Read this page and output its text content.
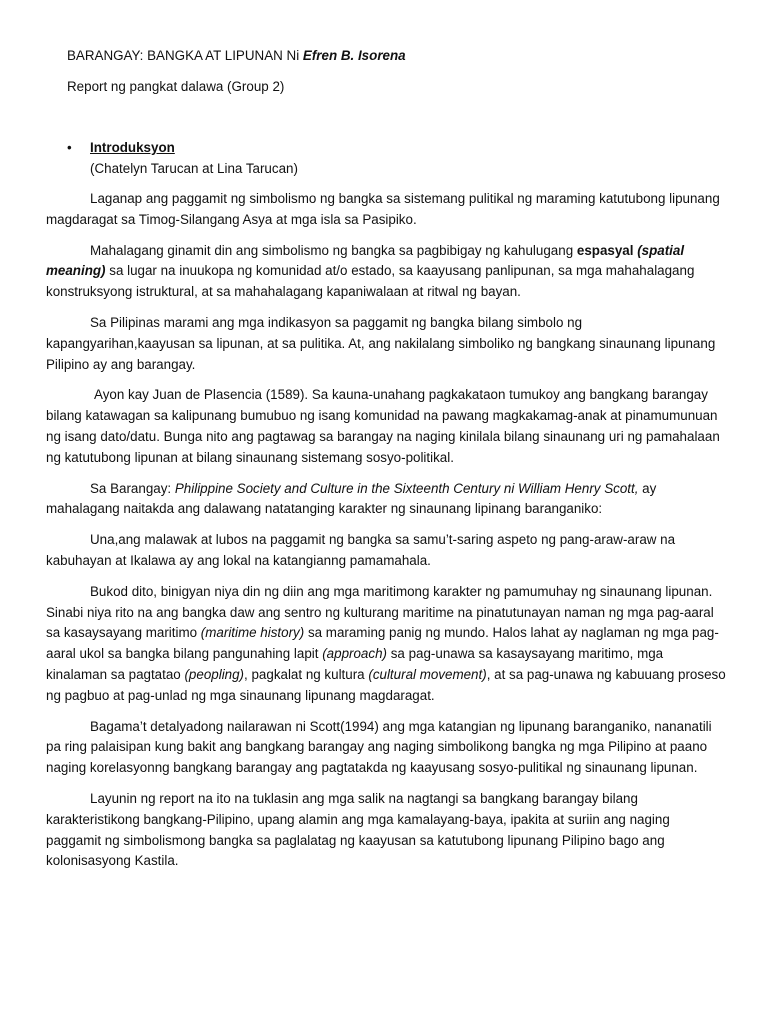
BARANGAY: BANGKA AT LIPUNAN Ni Efren B. Isorena
Report ng pangkat dalawa (Group 2)
• Introduksyon
(Chatelyn Tarucan at Lina Tarucan)

Laganap ang paggamit ng simbolismo ng bangka sa sistemang pulitikal ng maraming katutubong lipunang magdaragat sa Timog-Silangang Asya at mga isla sa Pasipiko.

Mahalagang ginamit din ang simbolismo ng bangka sa pagbibigay ng kahulugang espasyal (spatial meaning) sa lugar na inuukopa ng komunidad at/o estado, sa kaayusang panlipunan, sa mga mahahalagang konstruksyong istruktural, at sa mahahalagang kapaniwalaan at ritwal ng bayan.

Sa Pilipinas marami ang mga indikasyon sa paggamit ng bangka bilang simbolo ng kapangyarihan,kaayusan sa lipunan, at sa pulitika. At, ang nakilalang simboliko ng bangkang sinaunang lipunang Pilipino ay ang barangay.

Ayon kay Juan de Plasencia (1589). Sa kauna-unahang pagkakataon tumukoy ang bangkang barangay bilang katawagan sa kalipunang bumubuo ng isang komunidad na pawang magkakamag-anak at pinamumunuan ng isang dato/datu. Bunga nito ang pagtawag sa barangay na naging kinilala bilang sinaunang uri ng pamahalaan ng katutubong lipunan at bilang sinaunang sistemang sosyo-politikal.

Sa Barangay: Philippine Society and Culture in the Sixteenth Century ni William Henry Scott, ay mahalagang naitakda ang dalawang natatanging karakter ng sinaunang lipinang baranganiko:

Una,ang malawak at lubos na paggamit ng bangka sa samu’t-saring aspeto ng pang-araw-araw na kabuhayan at Ikalawa ay ang lokal na katangianng pamamahala.

Bukod dito, binigyan niya din ng diin ang mga maritimong karakter ng pamumuhay ng sinaunang lipunan. Sinabi niya rito na ang bangka daw ang sentro ng kulturang maritime na pinatutunayan naman ng mga pag-aaral sa kasaysayang maritimo (maritime history) sa maraming panig ng mundo. Halos lahat ay naglaman ng mga pag-aaral ukol sa bangka bilang pangunahing lapit (approach) sa pag-unawa sa kasaysayang maritimo, mga kinalaman sa pagtatao (peopling), pagkalat ng kultura (cultural movement), at sa pag-unawa ng kabuuang proseso ng pagbuo at pag-unlad ng mga sinaunang lipunang magdaragat.

Bagama’t detalyadong nailarawan ni Scott(1994) ang mga katangian ng lipunang baranganiko, nananatili pa ring palaisipan kung bakit ang bangkang barangay ang naging simbolikong bangka ng mga Pilipino at paano naging korelasyonng bangkang barangay ang pagtatakda ng kaayusang sosyo-pulitikal ng sinaunang lipunan.

Layunin ng report na ito na tuklasin ang mga salik na nagtangi sa bangkang barangay bilang karakteristikong bangkang-Pilipino, upang alamin ang mga kamalayang-baya, ipakita at suriin ang naging paggamit ng simbolismong bangka sa paglalatag ng kaayusan sa katutubong lipunang Pilipino bago ang kolonisasyong Kastila.
